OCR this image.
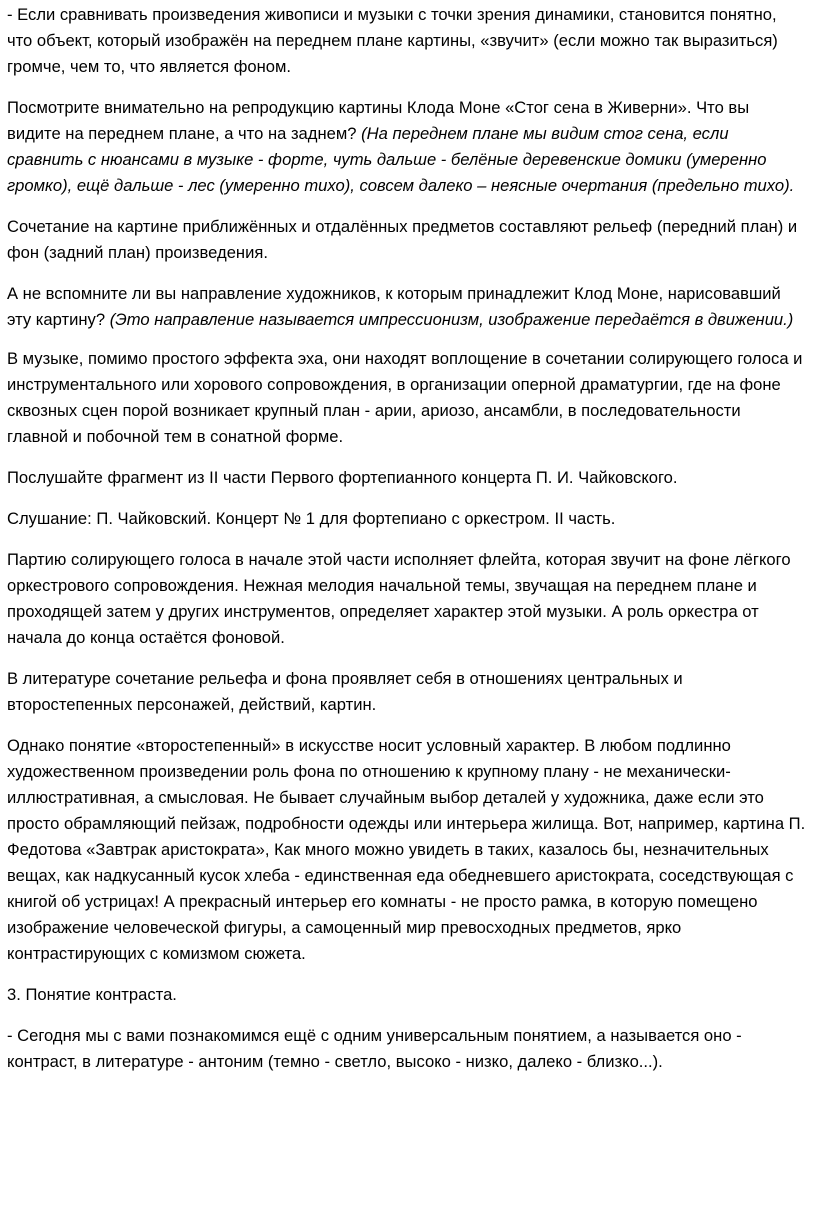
- Если сравнивать произведения живописи и музыки с точки зрения динамики, становится понятно, что объект, который изображён на переднем плане картины, «звучит» (если можно так выразиться) громче, чем то, что является фоном.

Посмотрите внимательно на репродукцию картины Клода Моне «Стог сена в Живерни». Что вы видите на переднем плане, а что на заднем? (На переднем плане мы видим стог сена, если сравнить с нюансами в музыке - форте, чуть дальше - белёные деревенские домики (умеренно громко), ещё дальше - лес (умеренно тихо), совсем далеко – неясные очертания (предельно тихо).

Сочетание на картине приближённых и отдалённых предметов составляют рельеф (передний план) и фон (задний план) произведения.

А не вспомните ли вы направление художников, к которым принадлежит Клод Моне, нарисовавший эту картину? (Это направление называется импрессионизм, изображение передаётся в движении.)

В музыке, помимо простого эффекта эха, они находят воплощение в сочетании солирующего голоса и инструментального или хорового сопровождения, в организации оперной драматургии, где на фоне сквозных сцен порой возникает крупный план - арии, ариозо, ансамбли, в последовательности главной и побочной тем в сонатной форме.

Послушайте фрагмент из II части Первого фортепианного концерта П. И. Чайковского.

Слушание: П. Чайковский. Концерт № 1 для фортепиано с оркестром. II часть.

Партию солирующего голоса в начале этой части исполняет флейта, которая звучит на фоне лёгкого оркестрового сопровождения. Нежная мелодия начальной темы, звучащая на переднем плане и проходящей затем у других инструментов, определяет характер этой музыки. А роль оркестра от начала до конца остаётся фоновой.

В литературе сочетание рельефа и фона проявляет себя в отношениях центральных и второстепенных персонажей, действий, картин.

Однако понятие «второстепенный» в искусстве носит условный характер. В любом подлинно художественном произведении роль фона по отношению к крупному плану - не механически-иллюстративная, а смысловая. Не бывает случайным выбор деталей у художника, даже если это просто обрамляющий пейзаж, подробности одежды или интерьера жилища. Вот, например, картина П. Федотова «Завтрак аристократа», Как много можно увидеть в таких, казалось бы, незначительных вещах, как надкусанный кусок хлеба - единственная еда обедневшего аристократа, соседствующая с книгой об устрицах! А прекрасный интерьер его комнаты - не просто рамка, в которую помещено изображение человеческой фигуры, а самоценный мир превосходных предметов, ярко контрастирующих с комизмом сюжета.

3. Понятие контраста.

- Сегодня мы с вами познакомимся ещё с одним универсальным понятием, а называется оно - контраст, в литературе - антоним (темно - светло, высоко - низко, далеко - близко...).
